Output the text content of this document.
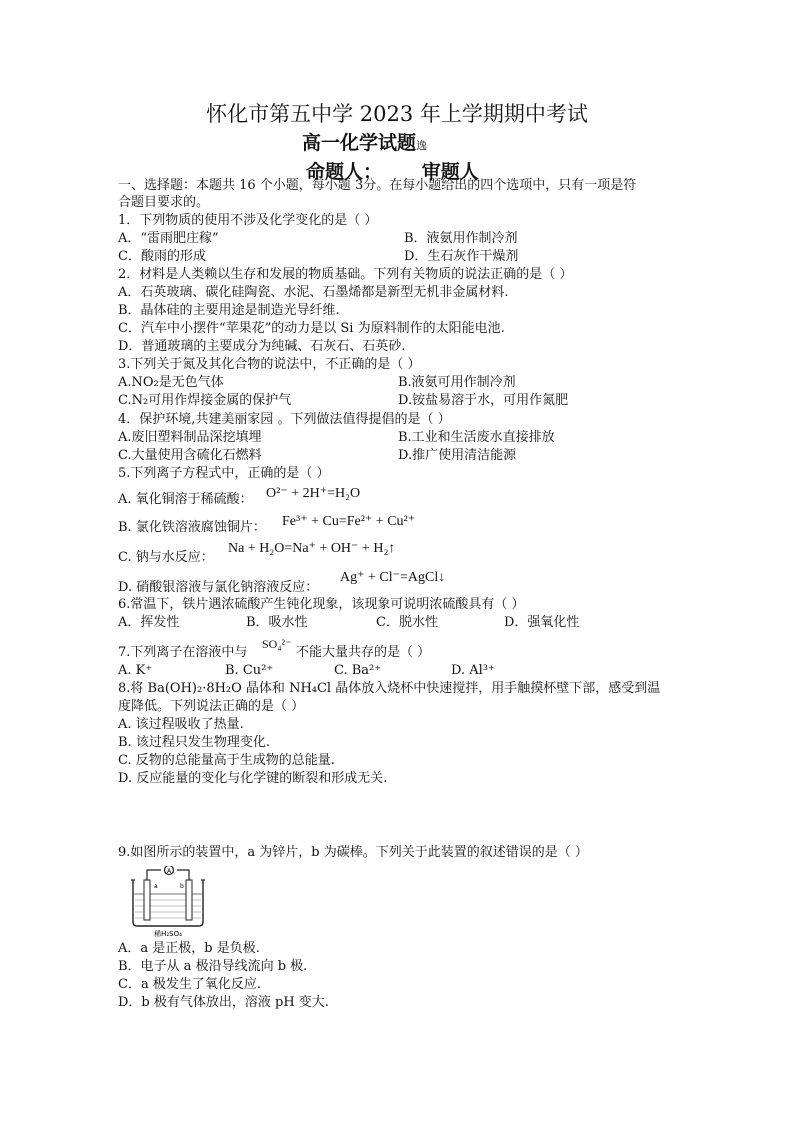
怀化市第五中学 2023 年上学期期中考试
高一化学试题逸
命题人：      审题人
一、选择题：本题共 16 个小题，每小题 3分。在每小题给出的四个选项中，只有一项是符
合题目要求的。
1．下列物质的使用不涉及化学变化的是（ ）
A．“雷雨肥庄稼”	B．液氨用作制冷剂
C．酸雨的形成	D．生石灰作干燥剂
2．材料是人类赖以生存和发展的物质基础。下列有关物质的说法正确的是（ ）
A．石英玻璃、碳化硅陶瓷、水泥、石墨烯都是新型无机非金属材料.
B．晶体硅的主要用途是制造光导纤维.
C．汽车中小摆件“苹果花”的动力是以 Si 为原料制作的太阳能电池.
D．普通玻璃的主要成分为纯碱、石灰石、石英砂.
3.下列关于氮及其化合物的说法中，不正确的是（ ）
A.NO₂是无色气体	B.液氨可用作制冷剂
C.N₂可用作焊接金属的保护气	D.铵盐易溶于水，可用作氮肥
4．保护环境,共建美丽家园 。下列做法值得提倡的是（ ）
A.废旧塑料制品深挖填埋	B.工业和生活废水直接排放
C.大量使用含硫化石燃料	D.推广使用清洁能源
5.下列离子方程式中，正确的是（ ）
A. 氧化铜溶于稀硫酸： O²⁻ + 2H⁺=H₂O
B. 氯化铁溶液腐蚀铜片： Fe³⁺ + Cu=Fe²⁺ + Cu²⁺
C. 钠与水反应：
Na + H₂O=Na⁺ + OH⁻ + H₂↑
D. 硝酸银溶液与氯化钠溶液反应：
Ag⁺ + Cl⁻=AgCl↓
6.常温下，铁片遇浓硫酸产生钝化现象，该现象可说明浓硫酸具有（ ）
A．挥发性	B．吸水性	C．脱水性	D．强氧化性
7.下列离子在溶液中与
SO₄²⁻
不能大量共存的是（ ）
A. K⁺	B. Cu²⁺	C. Ba²⁺	D. Al³⁺
8.将 Ba(OH)₂·8H₂O 晶体和 NH₄Cl 晶体放入烧杯中快速搅拌，用手触摸杯壁下部，感受到温
度降低。下列说法正确的是（ ）
A. 该过程吸收了热量.
B. 该过程只发生物理变化.
C. 反物的总能量高于生成物的总能量.
D. 反应能量的变化与化学键的断裂和形成无关.
9.如图所示的装置中，a 为锌片，b 为碳棒。下列关于此装置的叙述错误的是（ ）
A
a	b
稀H₂SO₄
A．a 是正极，b 是负极.
B．电子从 a 极沿导线流向 b 极.
C．a 极发生了氧化反应.
D．b 极有气体放出，溶液 pH 变大.
